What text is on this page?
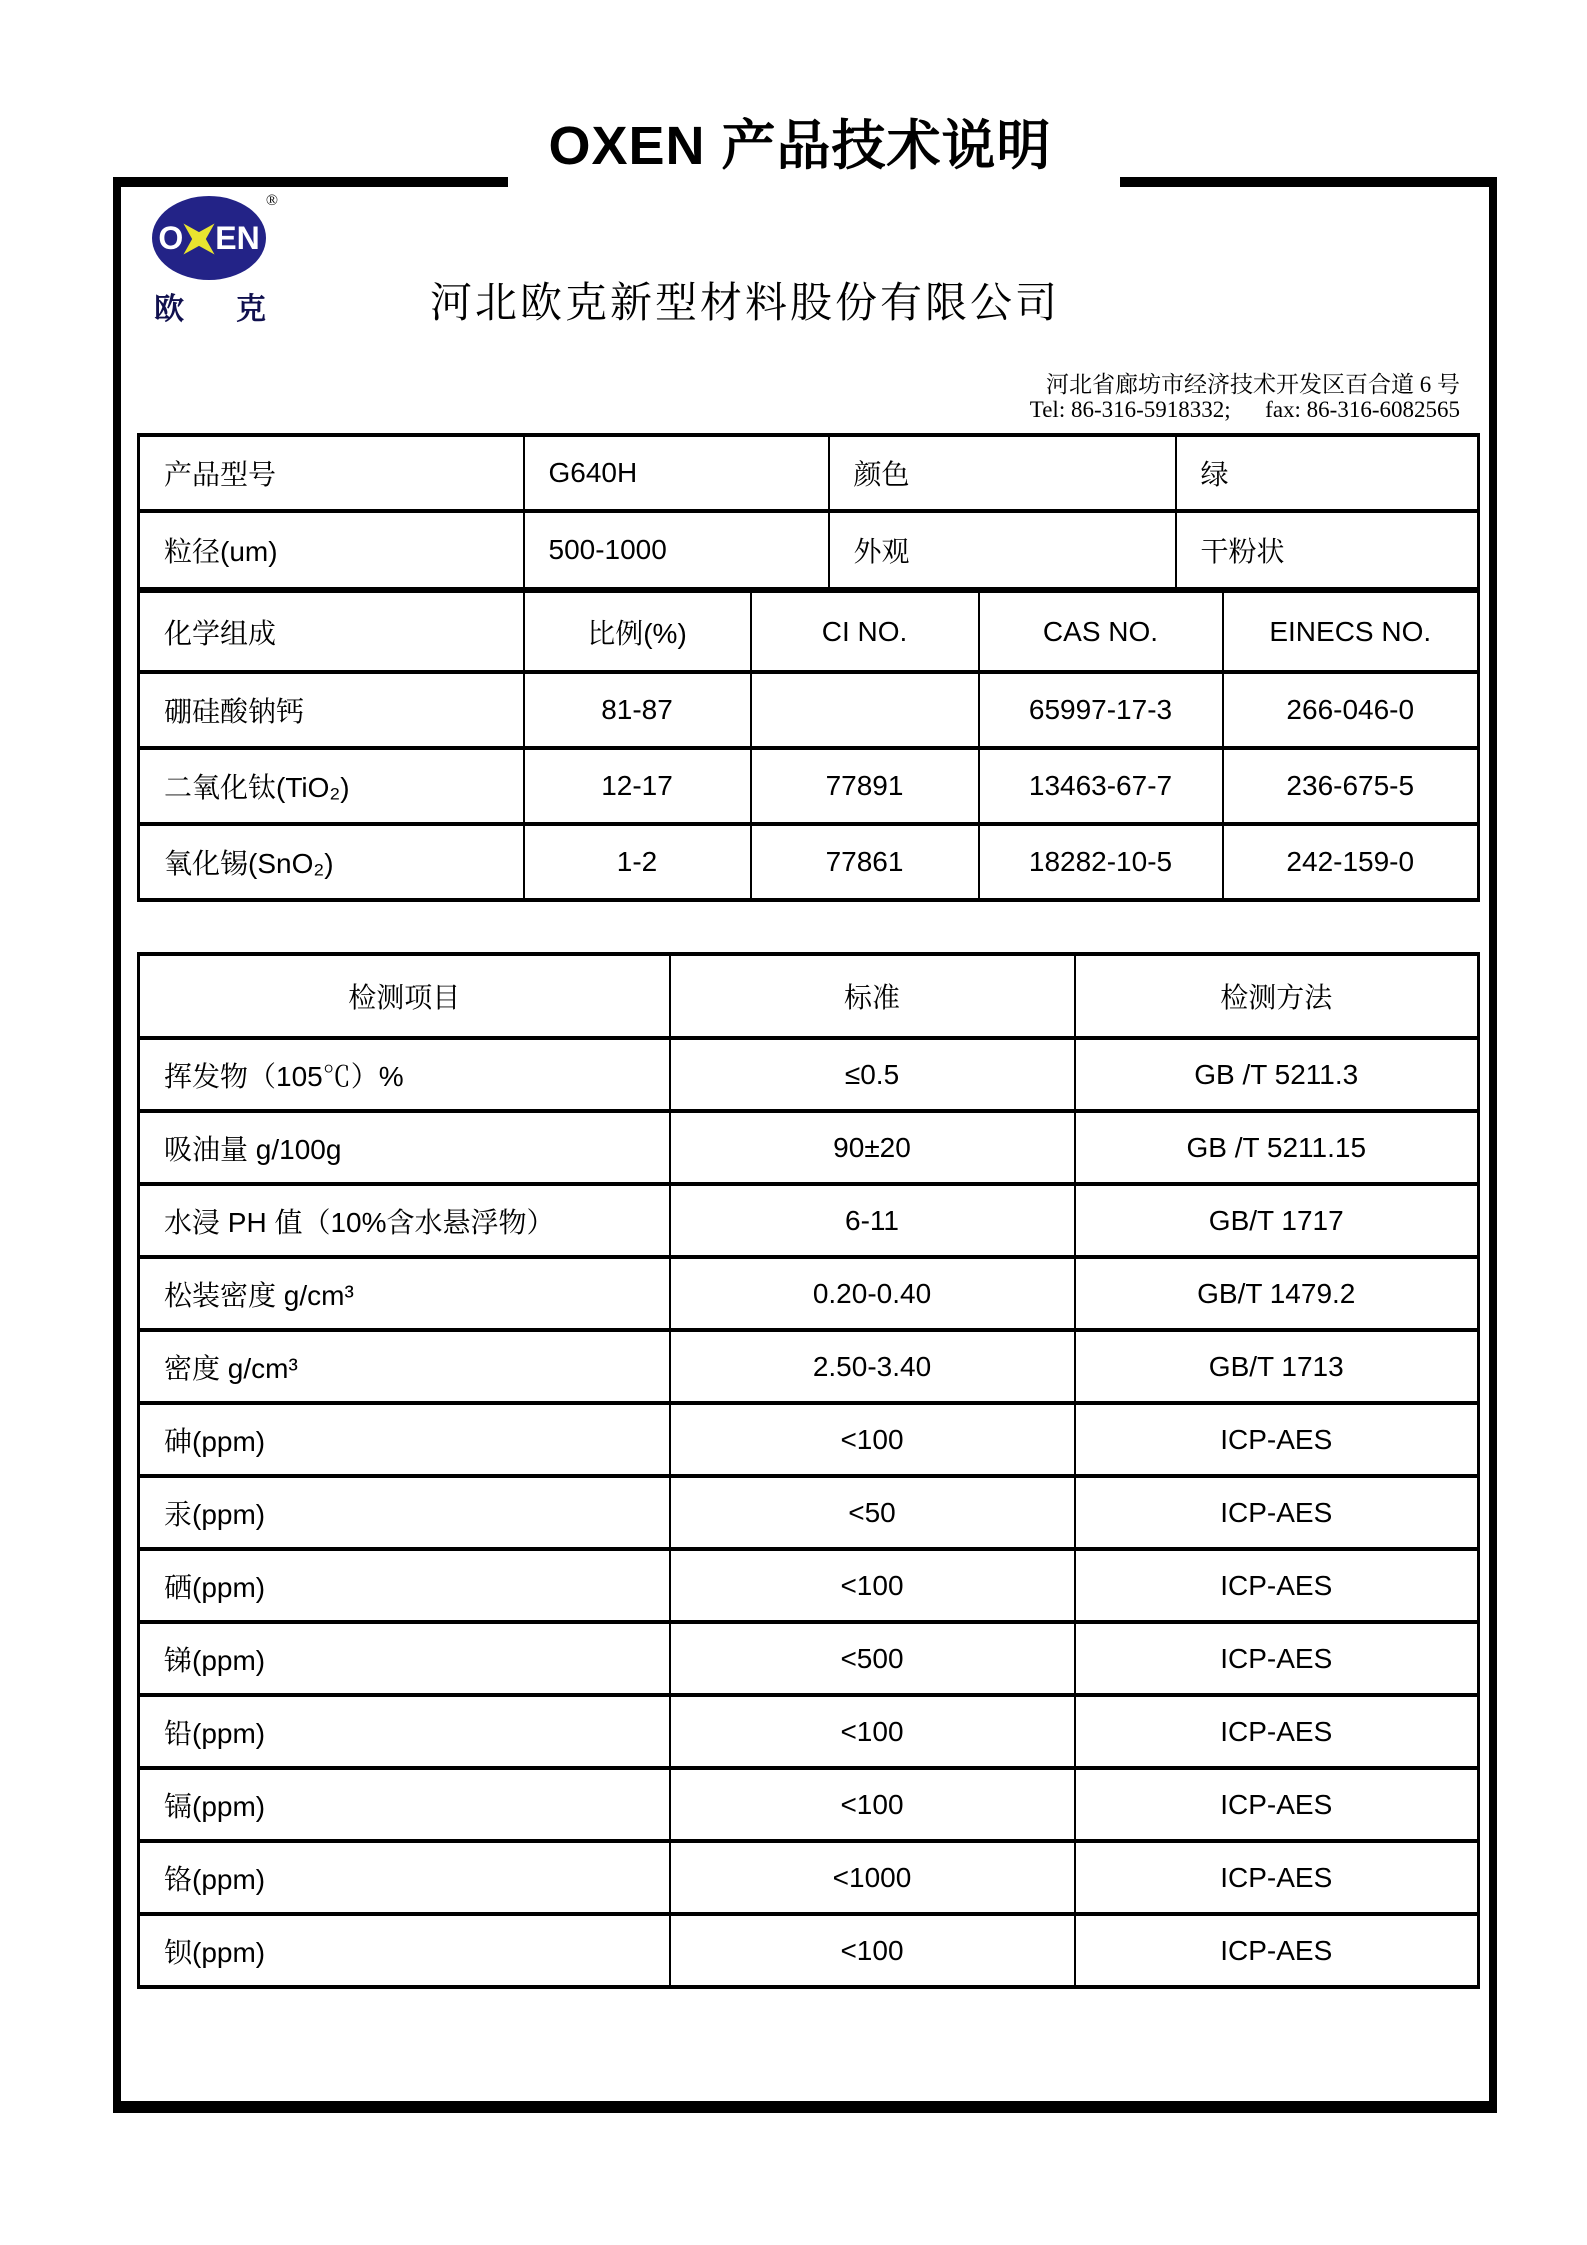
OXEN 产品技术说明
O EN
®
欧 克	河北欧克新型材料股份有限公司
河北省廊坊市经济技术开发区百合道 6 号
Tel: 86-316-5918332;      fax: 86-316-6082565
产品型号	G640H	颜色	绿
粒径(um)	500-1000	外观	干粉状
化学组成	比例(%)	CI NO.	CAS NO.	EINECS NO.
硼硅酸钠钙	81-87		65997-17-3	266-046-0
二氧化钛(TiO₂)	12-17	77891	13463-67-7	236-675-5
氧化锡(SnO₂)	1-2	77861	18282-10-5	242-159-0
检测项目	标准	检测方法
挥发物（105℃）%	≤0.5	GB /T 5211.3
吸油量 g/100g	90±20	GB /T 5211.15
水浸 PH 值（10%含水悬浮物）	6-11	GB/T 1717
松装密度 g/cm³	0.20-0.40	GB/T 1479.2
密度 g/cm³	2.50-3.40	GB/T 1713
砷(ppm)	<100	ICP-AES
汞(ppm)	<50	ICP-AES
硒(ppm)	<100	ICP-AES
锑(ppm)	<500	ICP-AES
铅(ppm)	<100	ICP-AES
镉(ppm)	<100	ICP-AES
铬(ppm)	<1000	ICP-AES
钡(ppm)	<100	ICP-AES
